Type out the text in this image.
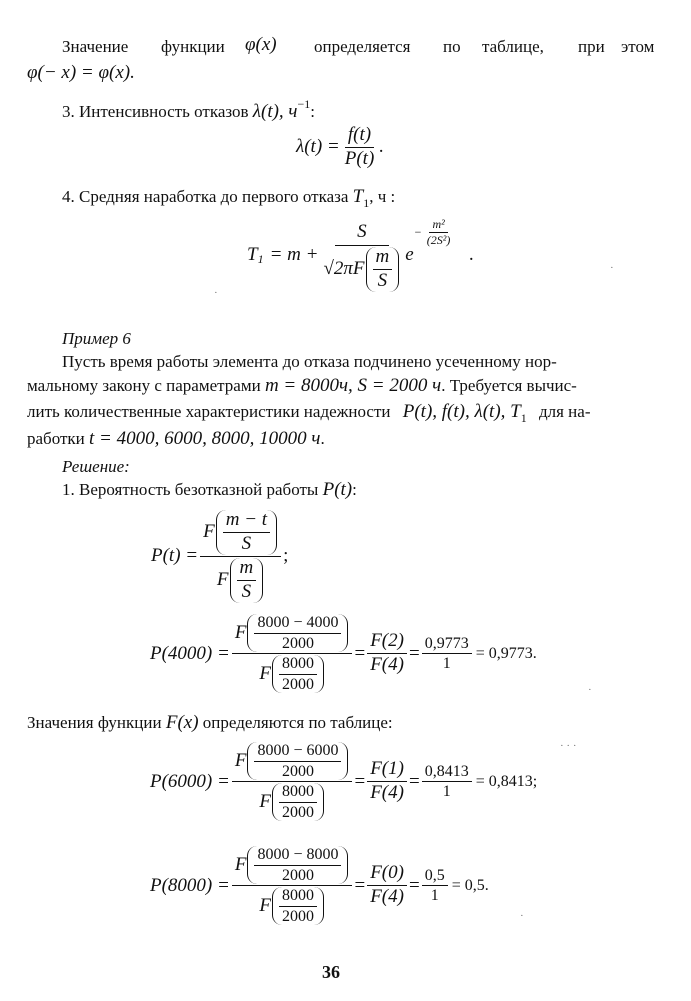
Значение функции φ(x) определяется по таблице, при этом
φ(− x) = φ(x).
3. Интенсивность отказов λ(t), $ч^{-1}$:
$\lambda(t) = \frac{f(t)}{P(t)}$ .
4. Средняя наработка до первого отказа $T_1$, ч :
T 1 = m +
S
√2π F $\frac{m}{S}$ e
− $\frac{\text{m²}}{\text{(2S²)}}$
.
Пример 6
Пусть время работы элемента до отказа подчинено усеченному нор-
мальному закону с параметрами m = 8000ч, S = 2000 ч. Требуется вычис-
лить количественные характеристики надежности P(t), f(t), λ(t), $T_1$ для на-
работки t = 4000, 6000, 8000, 10000 ч.
Решение:
1. Вероятность безотказной работы P(t):
$P(t) = \frac{F \frac{m - t}{S}}{F \frac{m}{S}}$ ;
P(4000) =
F $\frac{8000 - 4000}{2000}$
F $\frac{8000}{2000}$
= $\frac{F(2)}{F(4)} = \frac{0,9773}{1} = 0,9773$.
Значения функции F(x) определяются по таблице:
P(6000) =
F $\frac{8000 - 6000}{2000}$
F $\frac{8000}{2000}$
= $\frac{F(1)}{F(4)} = \frac{0,8413}{1} = 0,8413$;
P(8000) =
F $\frac{8000 - 8000}{2000}$
F $\frac{8000}{2000}$
= $\frac{F(0)}{F(4)} = \frac{0,5}{1} = 0,5$.
36
·
·
·
· · ·
·
